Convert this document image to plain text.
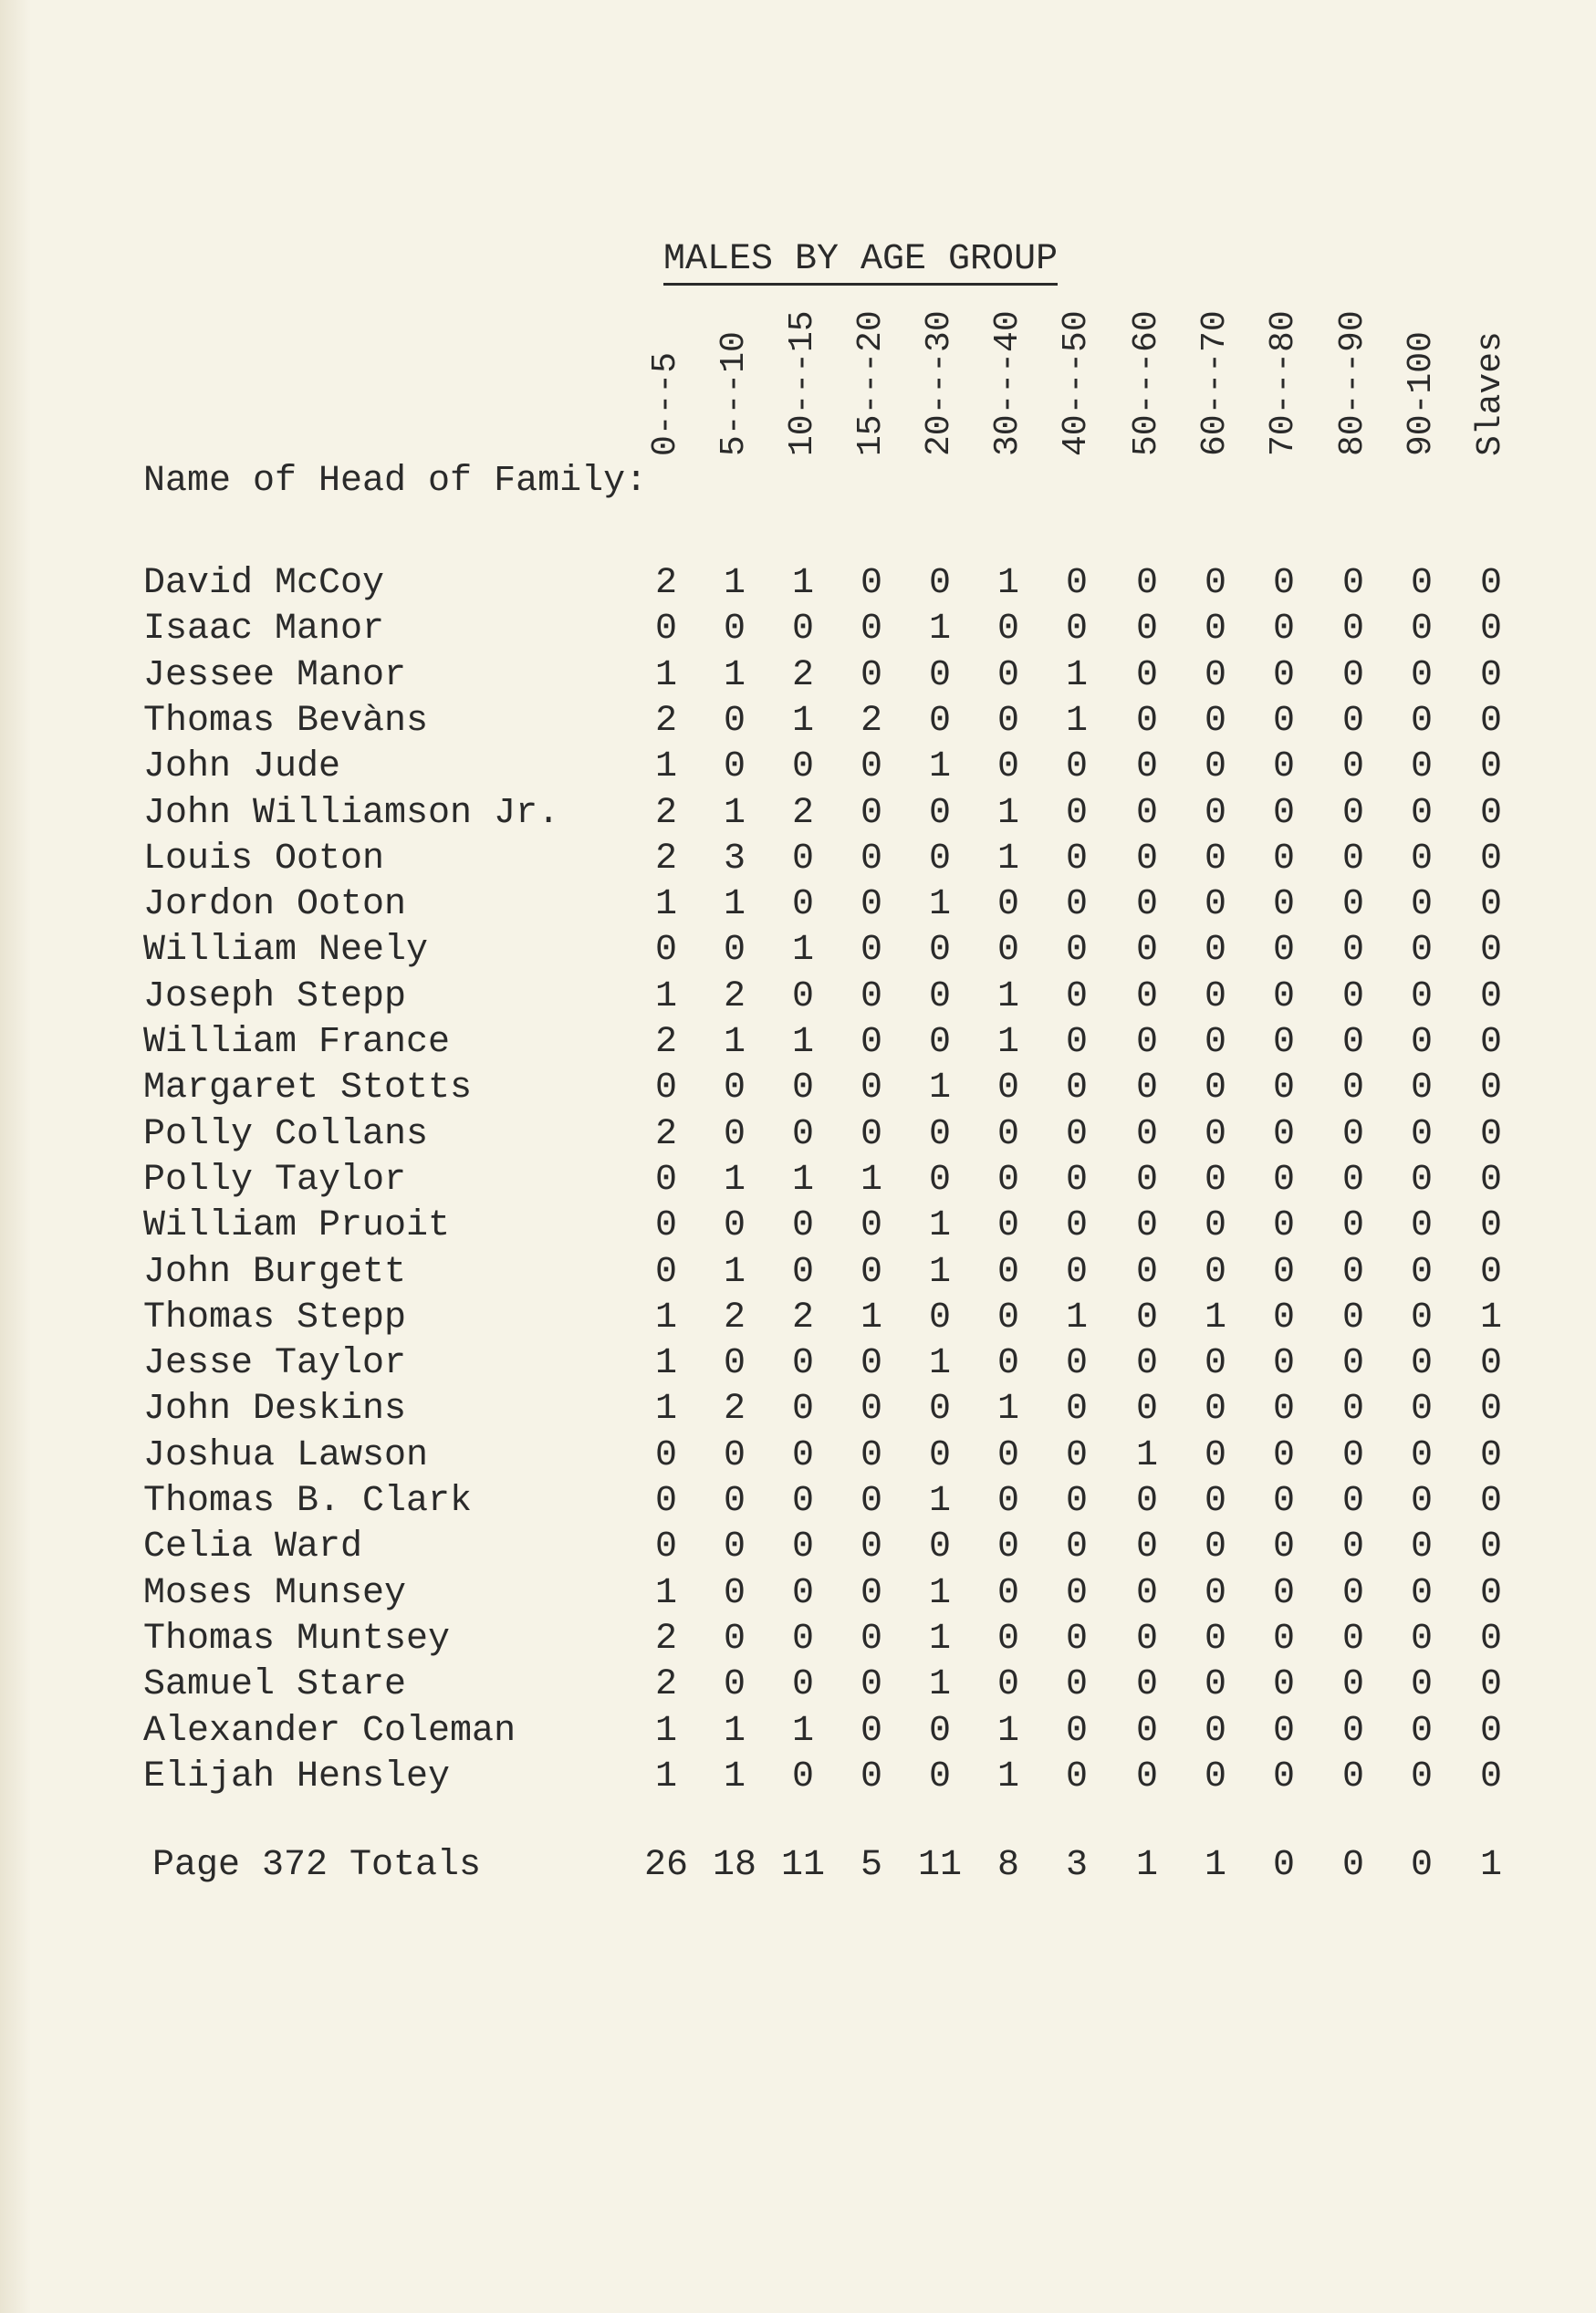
MALES BY AGE GROUP
0---5 5---10 10---15 15---20 20---30 30---40 40---50 50---60 60---70 70---80 80---90 90-100 Slaves
Name of Head of Family:
David McCoy	2	1	1	0	0	1	0	0	0	0	0	0	0
Isaac Manor	0	0	0	0	1	0	0	0	0	0	0	0	0
Jessee Manor	1	1	2	0	0	0	1	0	0	0	0	0	0
Thomas Bevàns	2	0	1	2	0	0	1	0	0	0	0	0	0
John Jude	1	0	0	0	1	0	0	0	0	0	0	0	0
John Williamson Jr.	2	1	2	0	0	1	0	0	0	0	0	0	0
Louis Ooton	2	3	0	0	0	1	0	0	0	0	0	0	0
Jordon Ooton	1	1	0	0	1	0	0	0	0	0	0	0	0
William Neely	0	0	1	0	0	0	0	0	0	0	0	0	0
Joseph Stepp	1	2	0	0	0	1	0	0	0	0	0	0	0
William France	2	1	1	0	0	1	0	0	0	0	0	0	0
Margaret Stotts	0	0	0	0	1	0	0	0	0	0	0	0	0
Polly Collans	2	0	0	0	0	0	0	0	0	0	0	0	0
Polly Taylor	0	1	1	1	0	0	0	0	0	0	0	0	0
William Pruoit	0	0	0	0	1	0	0	0	0	0	0	0	0
John Burgett	0	1	0	0	1	0	0	0	0	0	0	0	0
Thomas Stepp	1	2	2	1	0	0	1	0	1	0	0	0	1
Jesse Taylor	1	0	0	0	1	0	0	0	0	0	0	0	0
John Deskins	1	2	0	0	0	1	0	0	0	0	0	0	0
Joshua Lawson	0	0	0	0	0	0	0	1	0	0	0	0	0
Thomas B. Clark	0	0	0	0	1	0	0	0	0	0	0	0	0
Celia Ward	0	0	0	0	0	0	0	0	0	0	0	0	0
Moses Munsey	1	0	0	0	1	0	0	0	0	0	0	0	0
Thomas Muntsey	2	0	0	0	1	0	0	0	0	0	0	0	0
Samuel Stare	2	0	0	0	1	0	0	0	0	0	0	0	0
Alexander Coleman	1	1	1	0	0	1	0	0	0	0	0	0	0
Elijah Hensley	1	1	0	0	0	1	0	0	0	0	0	0	0
Page 372 Totals	26 18 11 5 11 8	3	1	1	0	0	0	1
